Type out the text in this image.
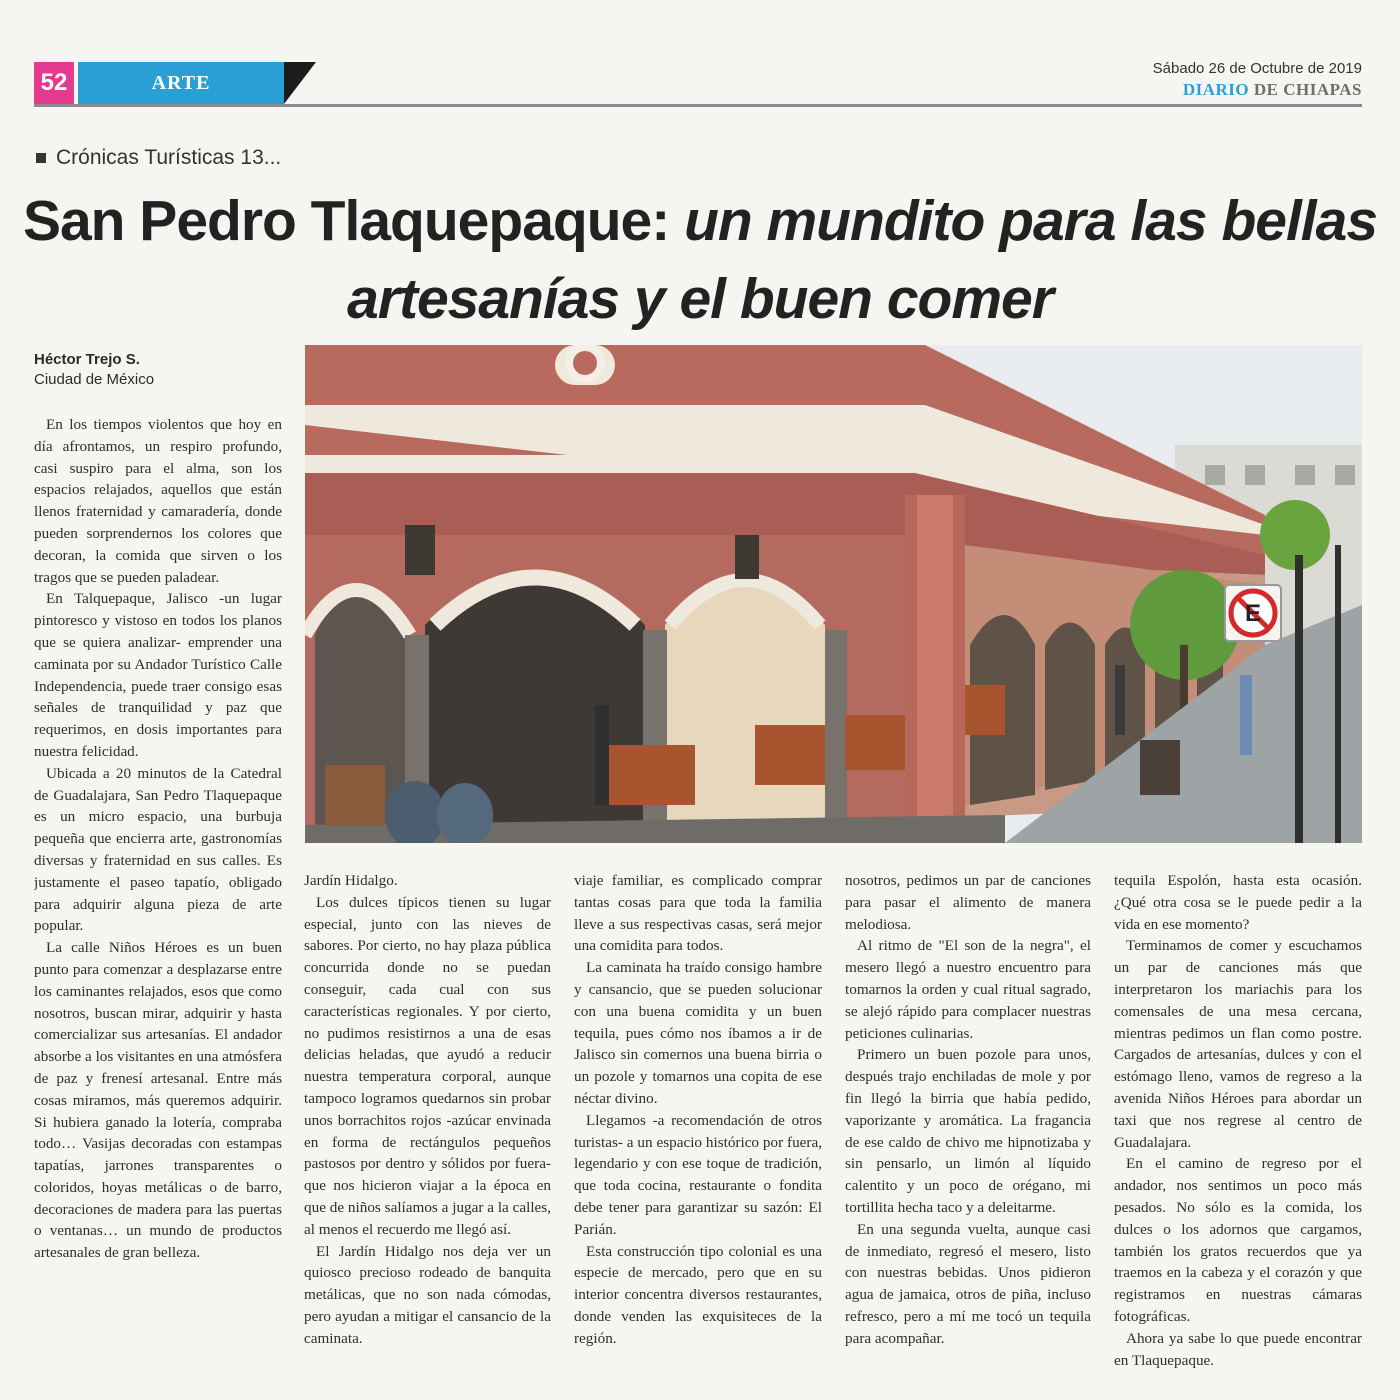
52	ARTE
Sábado 26 de Octubre de 2019
DIARIO DE CHIAPAS
Crónicas Turísticas 13...
San Pedro Tlaquepaque: un mundito para las bellas artesanías y el buen comer
Héctor Trejo S.
Ciudad de México
E

En los tiempos violentos que hoy en día afrontamos, un respiro profundo, casi suspiro para el alma, son los espacios relajados, aquellos que están llenos fraternidad y camaradería, donde pueden sorprendernos los colores que decoran, la comida que sirven o los tragos que se pueden paladear.

En Talquepaque, Jalisco -un lugar pintoresco y vistoso en todos los planos que se quiera analizar- emprender una caminata por su Andador Turístico Calle Independencia, puede traer consigo esas señales de tranquilidad y paz que requerimos, en dosis importantes para nuestra felicidad.

Ubicada a 20 minutos de la Catedral de Guadalajara, San Pedro Tlaquepaque es un micro espacio, una burbuja pequeña que encierra arte, gastronomías diversas y fraternidad en sus calles. Es justamente el paseo tapatío, obligado para adquirir alguna pieza de arte popular.

La calle Niños Héroes es un buen punto para comenzar a desplazarse entre los caminantes relajados, esos que como nosotros, buscan mirar, adquirir y hasta comercializar sus artesanías. El andador absorbe a los visitantes en una atmósfera de paz y frenesí artesanal. Entre más cosas miramos, más queremos adquirir. Si hubiera ganado la lotería, compraba todo… Vasijas decoradas con estampas tapatías, jarrones transparentes o coloridos, hoyas metálicas o de barro, decoraciones de madera para las puertas o ventanas… un mundo de productos artesanales de gran belleza.

Jardín Hidalgo.

Los dulces típicos tienen su lugar especial, junto con las nieves de sabores. Por cierto, no hay plaza pública concurrida donde no se puedan conseguir, cada cual con sus características regionales. Y por cierto, no pudimos resistirnos a una de esas delicias heladas, que ayudó a reducir nuestra temperatura corporal, aunque tampoco logramos quedarnos sin probar unos borrachitos rojos -azúcar envinada en forma de rectángulos pequeños pastosos por dentro y sólidos por fuera- que nos hicieron viajar a la época en que de niños salíamos a jugar a la calles, al menos el recuerdo me llegó así.

El Jardín Hidalgo nos deja ver un quiosco precioso rodeado de banquita metálicas, que no son nada cómodas, pero ayudan a mitigar el cansancio de la caminata.

viaje familiar, es complicado comprar tantas cosas para que toda la familia lleve a sus respectivas casas, será mejor una comidita para todos.

La caminata ha traído consigo hambre y cansancio, que se pueden solucionar con una buena comidita y un buen tequila, pues cómo nos íbamos a ir de Jalisco sin comernos una buena birria o un pozole y tomarnos una copita de ese néctar divino.

Llegamos -a recomendación de otros turistas- a un espacio histórico por fuera, legendario y con ese toque de tradición, que toda cocina, restaurante o fondita debe tener para garantizar su sazón: El Parián.

Esta construcción tipo colonial es una especie de mercado, pero que en su interior concentra diversos restaurantes, donde venden las exquisiteces de la región.

nosotros, pedimos un par de canciones para pasar el alimento de manera melodiosa.

Al ritmo de "El son de la negra", el mesero llegó a nuestro encuentro para tomarnos la orden y cual ritual sagrado, se alejó rápido para complacer nuestras peticiones culinarias.

Primero un buen pozole para unos, después trajo enchiladas de mole y por fin llegó la birria que había pedido, vaporizante y aromática. La fragancia de ese caldo de chivo me hipnotizaba y sin pensarlo, un limón al líquido calentito y un poco de orégano, mi tortillita hecha taco y a deleitarme.

En una segunda vuelta, aunque casi de inmediato, regresó el mesero, listo con nuestras bebidas. Unos pidieron agua de jamaica, otros de piña, incluso refresco, pero a mí me tocó un tequila para acompañar.

tequila Espolón, hasta esta ocasión. ¿Qué otra cosa se le puede pedir a la vida en ese momento?

Terminamos de comer y escuchamos un par de canciones más que interpretaron los mariachis para los comensales de una mesa cercana, mientras pedimos un flan como postre. Cargados de artesanías, dulces y con el estómago lleno, vamos de regreso a la avenida Niños Héroes para abordar un taxi que nos regrese al centro de Guadalajara.

En el camino de regreso por el andador, nos sentimos un poco más pesados. No sólo es la comida, los dulces o los adornos que cargamos, también los gratos recuerdos que ya traemos en la cabeza y el corazón y que registramos en nuestras cámaras fotográficas.

Ahora ya sabe lo que puede encontrar en Tlaquepaque.
